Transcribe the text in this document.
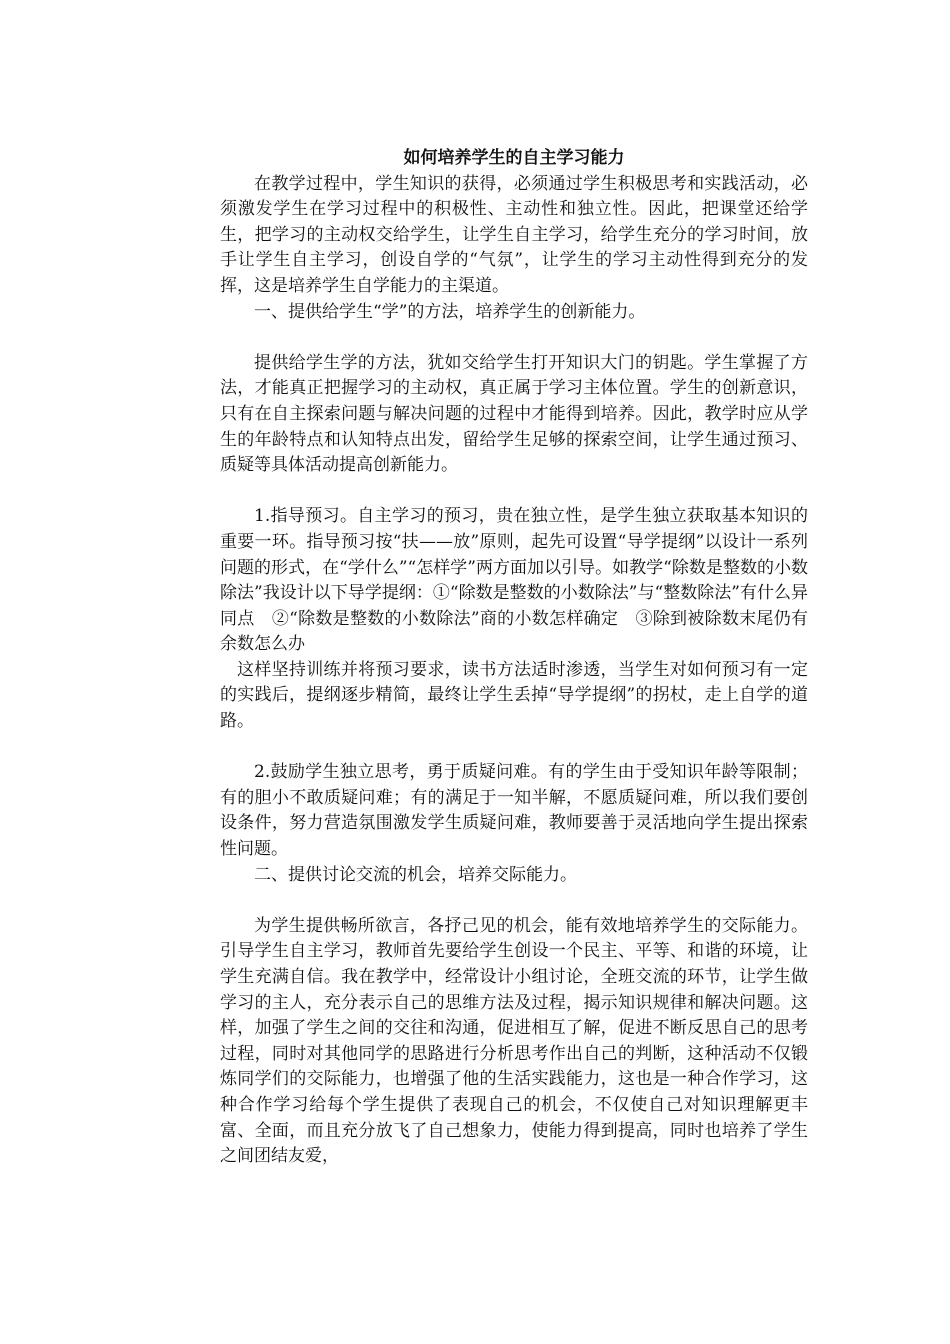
如何培养学生的自主学习能力

在教学过程中，学生知识的获得，必须通过学生积极思考和实践活动，必须激发学生在学习过程中的积极性、主动性和独立性。因此，把课堂还给学生，把学习的主动权交给学生，让学生自主学习，给学生充分的学习时间，放手让学生自主学习，创设自学的“气氛”，让学生的学习主动性得到充分的发挥，这是培养学生自学能力的主渠道。

一、提供给学生“学”的方法，培养学生的创新能力。

提供给学生学的方法，犹如交给学生打开知识大门的钥匙。学生掌握了方法，才能真正把握学习的主动权，真正属于学习主体位置。学生的创新意识，只有在自主探索问题与解决问题的过程中才能得到培养。因此，教学时应从学生的年龄特点和认知特点出发，留给学生足够的探索空间，让学生通过预习、质疑等具体活动提高创新能力。

1.指导预习。自主学习的预习，贵在独立性，是学生独立获取基本知识的重要一环。指导预习按“扶——放”原则，起先可设置“导学提纲”以设计一系列问题的形式，在“学什么”“怎样学”两方面加以引导。如教学“除数是整数的小数除法”我设计以下导学提纲：①“除数是整数的小数除法”与“整数除法”有什么异同点　②“除数是整数的小数除法”商的小数怎样确定　③除到被除数末尾仍有余数怎么办

这样坚持训练并将预习要求，读书方法适时渗透，当学生对如何预习有一定的实践后，提纲逐步精简，最终让学生丢掉“导学提纲”的拐杖，走上自学的道路。

2.鼓励学生独立思考，勇于质疑问难。有的学生由于受知识年龄等限制；有的胆小不敢质疑问难；有的满足于一知半解，不愿质疑问难，所以我们要创设条件，努力营造氛围激发学生质疑问难，教师要善于灵活地向学生提出探索性问题。

二、提供讨论交流的机会，培养交际能力。

为学生提供畅所欲言，各抒己见的机会，能有效地培养学生的交际能力。引导学生自主学习，教师首先要给学生创设一个民主、平等、和谐的环境，让学生充满自信。我在教学中，经常设计小组讨论，全班交流的环节，让学生做学习的主人，充分表示自己的思维方法及过程，揭示知识规律和解决问题。这样，加强了学生之间的交往和沟通，促进相互了解，促进不断反思自己的思考过程，同时对其他同学的思路进行分析思考作出自己的判断，这种活动不仅锻炼同学们的交际能力，也增强了他的生活实践能力，这也是一种合作学习，这种合作学习给每个学生提供了表现自己的机会，不仅使自己对知识理解更丰富、全面，而且充分放飞了自己想象力，使能力得到提高，同时也培养了学生之间团结友爱，
